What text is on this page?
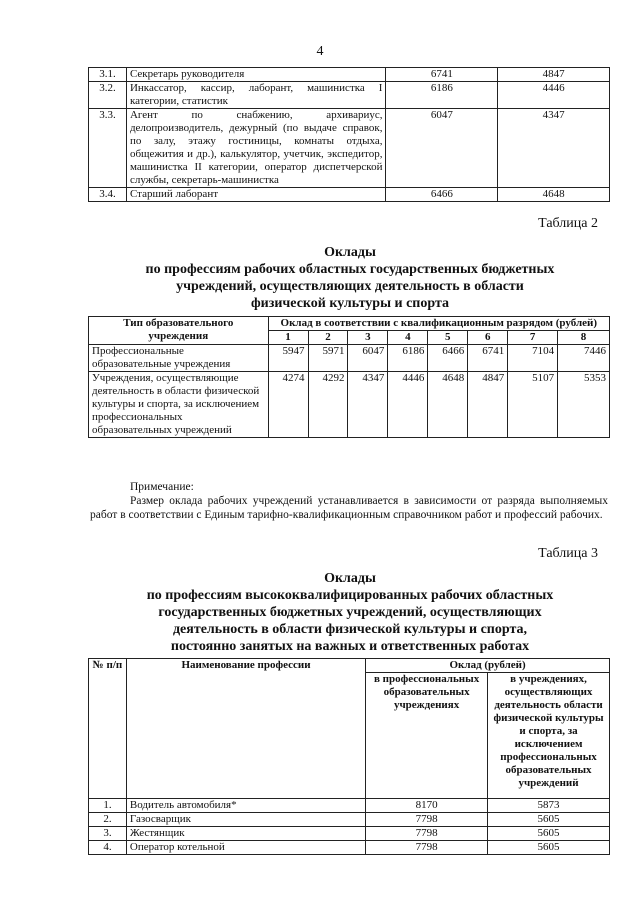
4
3.1.	Секретарь руководителя	6741	4847
3.2.	Инкассатор, кассир, лаборант, машинистка I категории, статистик	6186	4446
3.3.	Агент по снабжению, архивариус, делопроизводитель, дежурный (по выдаче справок, по залу, этажу гостиницы, комнаты отдыха, общежития и др.), калькулятор, учетчик, экспедитор, машинистка II категории, оператор диспетчерской службы, секретарь-машинистка	6047	4347
3.4.	Старший лаборант	6466	4648
Таблица 2
Оклады
по профессиям рабочих областных государственных бюджетных
учреждений, осуществляющих деятельность в области
физической культуры и спорта
Тип образовательного учреждения	Оклад в соответствии с квалификационным разрядом (рублей)							
	1	2	3	4	5	6	7	8
Профессиональные образовательные учреждения	5947	5971	6047	6186	6466	6741	7104	7446
Учреждения, осуществляющие деятельность в области физической культуры и спорта, за исключением профессиональных образовательных учреждений	4274	4292	4347	4446	4648	4847	5107	5353
Примечание:
Размер оклада рабочих учреждений устанавливается в зависимости от разряда выполняемых работ в соответствии с Единым тарифно-квалификационным справочником работ и профессий рабочих.
Таблица 3
Оклады
по профессиям высококвалифицированных рабочих областных
государственных бюджетных учреждений, осуществляющих
деятельность в области физической культуры и спорта,
постоянно занятых на важных и ответственных работах
№ п/п	Наименование профессии	Оклад (рублей)	
		в профессиональных образовательных учреждениях	в учреждениях, осуществляющих деятельность области физической культуры и спорта, за исключением профессиональных образовательных учреждений
1.	Водитель автомобиля*	8170	5873
2.	Газосварщик	7798	5605
3.	Жестянщик	7798	5605
4.	Оператор котельной	7798	5605
